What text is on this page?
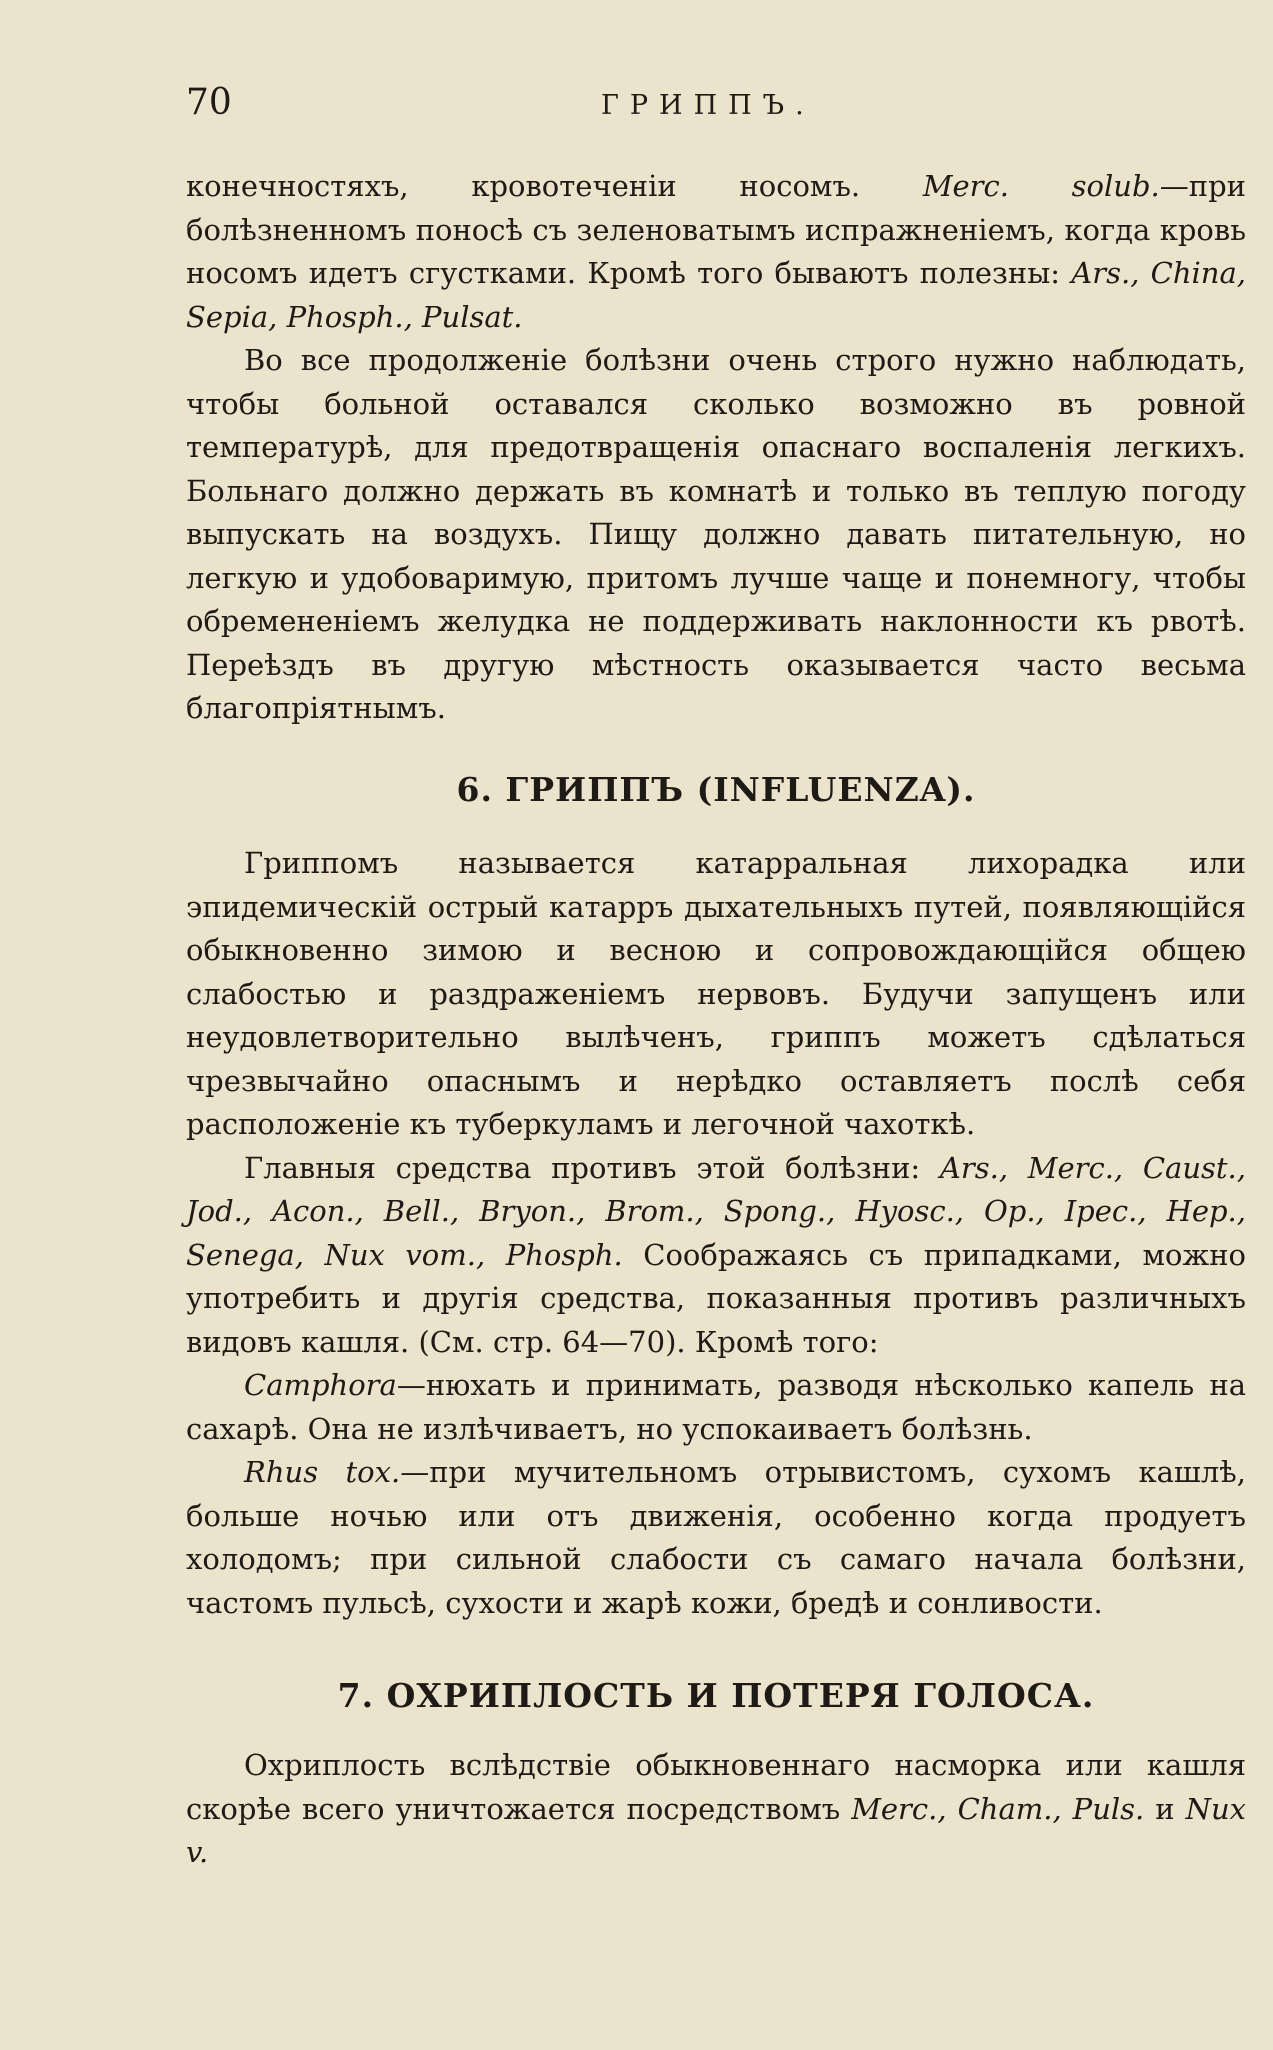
70	ГРИППЪ.

конечностяхъ, кровотеченіи носомъ. Merc. solub.—при болѣзненномъ поносѣ съ зеленоватымъ испражненіемъ, когда кровь носомъ идетъ сгустками. Кромѣ того бываютъ полезны: Ars., China, Sepia, Phosph., Pulsat.

Во все продолженіе болѣзни очень строго нужно наблюдать, чтобы больной оставался сколько возможно въ ровной температурѣ, для предотвращенія опаснаго воспаленія легкихъ. Больнаго должно держать въ комнатѣ и только въ теплую погоду выпускать на воздухъ. Пищу должно давать питательную, но легкую и удобоваримую, притомъ лучше чаще и понемногу, чтобы обремененіемъ желудка не поддерживать наклонности къ рвотѣ. Переѣздъ въ другую мѣстность оказывается часто весьма благопріятнымъ.

6. ГРИППЪ (INFLUENZA).

Гриппомъ называется катарральная лихорадка или эпидемическій острый катарръ дыхательныхъ путей, появляющійся обыкновенно зимою и весною и сопровождающійся общею слабостью и раздраженіемъ нервовъ. Будучи запущенъ или неудовлетворительно вылѣченъ, гриппъ можетъ сдѣлаться чрезвычайно опаснымъ и нерѣдко оставляетъ послѣ себя расположеніе къ туберкуламъ и легочной чахоткѣ.

Главныя средства противъ этой болѣзни: Ars., Merc., Caust., Jod., Acon., Bell., Bryon., Brom., Spong., Hyosc., Op., Ipec., Hep., Senega, Nux vom., Phosph. Соображаясь съ припадками, можно употребить и другія средства, показанныя противъ различныхъ видовъ кашля. (См. стр. 64—70). Кромѣ того:

Camphora—нюхать и принимать, разводя нѣсколько капель на сахарѣ. Она не излѣчиваетъ, но успокаиваетъ болѣзнь.

Rhus tox.—при мучительномъ отрывистомъ, сухомъ кашлѣ, больше ночью или отъ движенія, особенно когда продуетъ холодомъ; при сильной слабости съ самаго начала болѣзни, частомъ пульсѣ, сухости и жарѣ кожи, бредѣ и сонливости.

7. ОХРИПЛОСТЬ И ПОТЕРЯ ГОЛОСА.

Охриплость вслѣдствіе обыкновеннаго насморка или кашля скорѣе всего уничтожается посредствомъ Merc., Cham., Puls. и Nux v.
